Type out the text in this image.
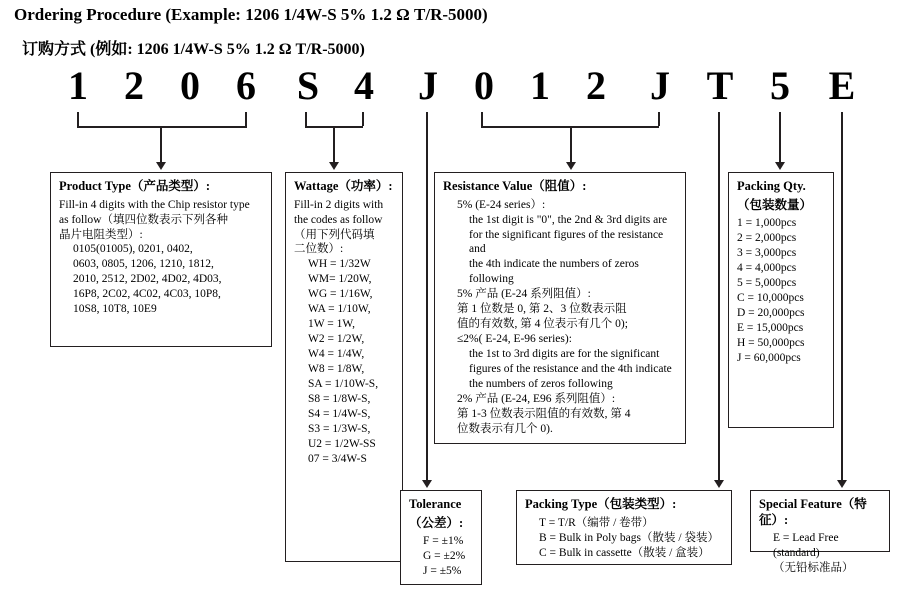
Ordering Procedure (Example: 1206 1/4W-S 5% 1.2 Ω T/R-5000)
订购方式 (例如: 1206 1/4W-S 5% 1.2 Ω T/R-5000)
1 2 0 6 S 4 J 0 1 2 J T 5 E
Product Type（产品类型）:
Fill-in 4 digits with the Chip resistor type
as follow（填四位数表示下列各种
晶片电阻类型）:
0105(01005), 0201, 0402,
0603, 0805, 1206, 1210, 1812,
2010, 2512, 2D02, 4D02, 4D03,
16P8, 2C02, 4C02, 4C03, 10P8,
10S8, 10T8, 10E9
Wattage（功率）:
Fill-in 2 digits with
the codes as follow
（用下列代码填
二位数）:
WH = 1/32W
WM= 1/20W,
WG = 1/16W,
WA = 1/10W,
1W = 1W,
W2 = 1/2W,
W4 = 1/4W,
W8 = 1/8W,
SA = 1/10W-S,
S8 = 1/8W-S,
S4 = 1/4W-S,
S3 = 1/3W-S,
U2 = 1/2W-SS
07 = 3/4W-S
Resistance Value（阻值）:
5% (E-24 series）:
the 1st digit is "0", the 2nd & 3rd digits are
for the significant figures of the resistance and
the 4th indicate the numbers of zeros following
5% 产品 (E-24 系列阻值）:
第 1 位数是 0, 第 2、3 位数表示阻
值的有效数, 第 4 位表示有几个 0);
≤2%( E-24, E-96 series):
the 1st to 3rd digits are for the significant
figures of the resistance and the 4th indicate
the numbers of zeros following
2% 产品 (E-24, E96 系列阻值）:
第 1-3 位数表示阻值的有效数, 第 4
位数表示有几个 0).
Packing Qty.
（包装数量）
1 = 1,000pcs
2 = 2,000pcs
3 = 3,000pcs
4 = 4,000pcs
5 = 5,000pcs
C = 10,000pcs
D = 20,000pcs
E = 15,000pcs
H = 50,000pcs
J = 60,000pcs
Tolerance
（公差）:
F = ±1%
G = ±2%
J = ±5%
Packing Type（包装类型）:
T = T/R（编带 / 卷带）
B = Bulk in Poly bags（散装 / 袋装）
C = Bulk in cassette（散装 / 盒装）
Special Feature（特征）:
E = Lead Free (standard)
（无铅标准品）
